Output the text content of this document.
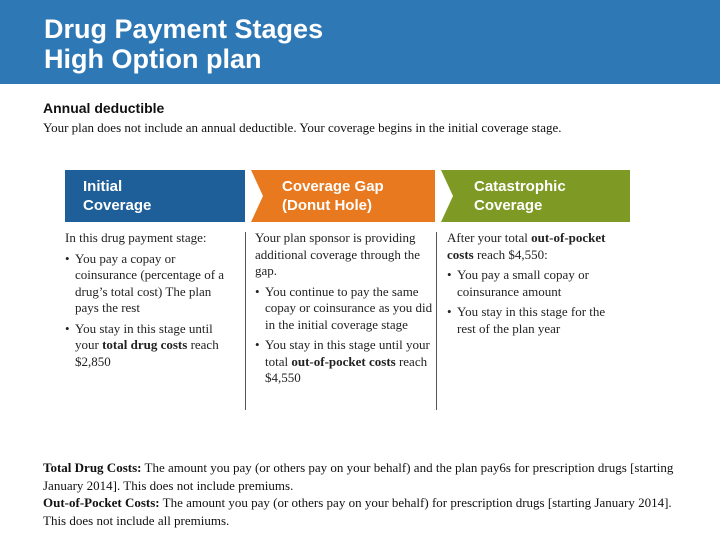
Drug Payment Stages
High Option plan
Annual deductible
Your plan does not include an annual deductible. Your coverage begins in the initial coverage stage.
Initial
Coverage
Coverage Gap
(Donut Hole)
Catastrophic
Coverage

In this drug payment stage:

• You pay a copay or coinsurance (percentage of a drug’s total cost) The plan pays the rest
• You stay in this stage until your total drug costs reach $2,850

Your plan sponsor is providing additional coverage through the gap.

• You continue to pay the same copay or coinsurance as you did in the initial coverage stage
• You stay in this stage until your total out-of-pocket costs reach $4,550

After your total out-of-pocket costs reach $4,550:

• You pay a small copay or coinsurance amount
• You stay in this stage for the rest of the plan year
Total Drug Costs: The amount you pay (or others pay on your behalf) and the plan pay6s for prescription drugs [starting January 2014]. This does not include premiums.
Out-of-Pocket Costs: The amount you pay (or others pay on your behalf) for prescription drugs [starting January 2014]. This does not include all premiums.
